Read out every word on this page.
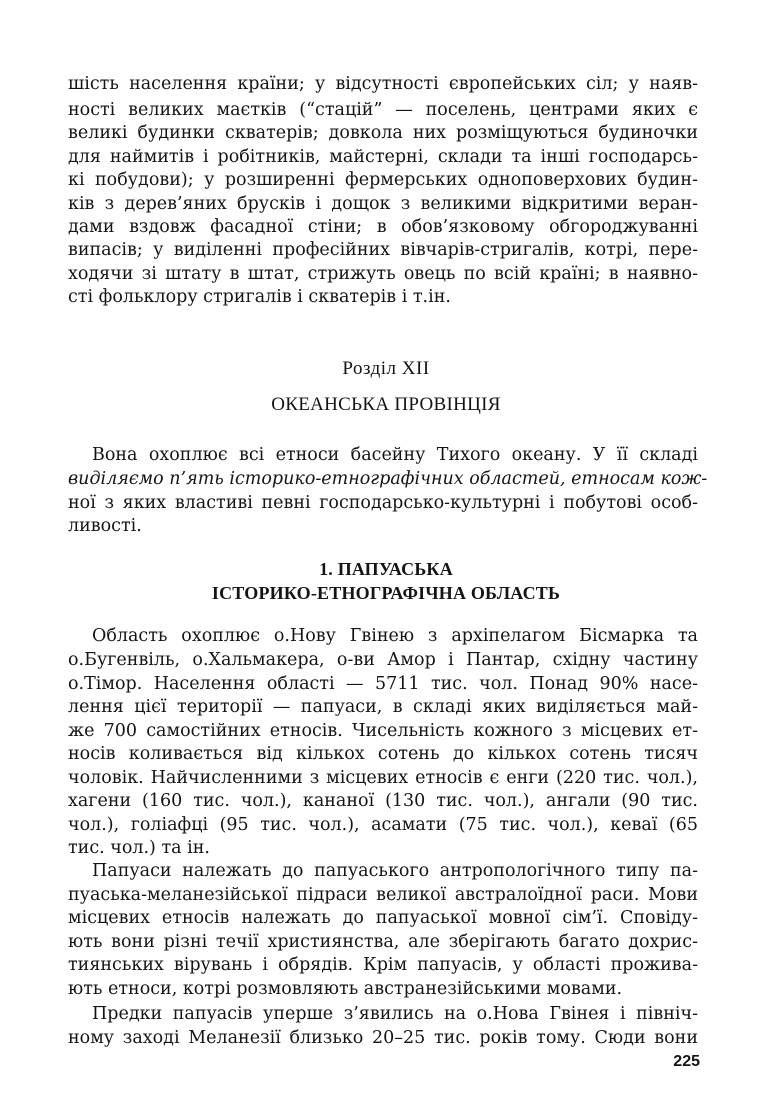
шість населення країни; у відсутності європейських сіл; у наяв-
ності великих маєтків (“стацій” — поселень, центрами яких є
великі будинки скватерів; довкола них розміщуються будиночки
для наймитів і робітників, майстерні, склади та інші господарсь-
кі побудови); у розширенні фермерських одноповерхових будин-
ків з дерев’яних брусків і дощок з великими відкритими веран-
дами вздовж фасадної стіни; в обов’язковому обгороджуванні
випасів; у виділенні професійних вівчарів-стригалів, котрі, пере-
ходячи зі штату в штат, стрижуть овець по всій країні; в наявно-
сті фольклору стригалів і скватерів і т.ін.
Розділ XII
ОКЕАНСЬКА ПРОВІНЦІЯ
Вона охоплює всі етноси басейну Тихого океану. У її складі
виділяємо п’ять історико-етнографічних областей, етносам кож-
ної з яких властиві певні господарсько-культурні і побутові особ-
ливості.
1. ПАПУАСЬКА
ІСТОРИКО-ЕТНОГРАФІЧНА ОБЛАСТЬ
Область охоплює о.Нову Гвінею з архіпелагом Бісмарка та
о.Бугенвіль, о.Хальмакера, о-ви Амор і Пантар, східну частину
о.Тімор. Населення області — 5711 тис. чол. Понад 90% насе-
лення цієї території — папуаси, в складі яких виділяється май-
же 700 самостійних етносів. Чисельність кожного з місцевих ет-
носів коливається від кількох сотень до кількох сотень тисяч
чоловік. Найчисленними з місцевих етносів є енги (220 тис. чол.),
хагени (160 тис. чол.), кананої (130 тис. чол.), ангали (90 тис.
чол.), голіафці (95 тис. чол.), асамати (75 тис. чол.), кеваї (65
тис. чол.) та ін.
Папуаси належать до папуаського антропологічного типу па-
пуаська-меланезійської підраси великої австралоїдної раси. Мови
місцевих етносів належать до папуаської мовної сім’ї. Сповіду-
ють вони різні течії християнства, але зберігають багато дохрис-
тиянських вірувань і обрядів. Крім папуасів, у області прожива-
ють етноси, котрі розмовляють австранезійськими мовами.
Предки папуасів уперше з’явились на о.Нова Гвінея і північ-
ному заході Меланезії близько 20–25 тис. років тому. Сюди вони
225
